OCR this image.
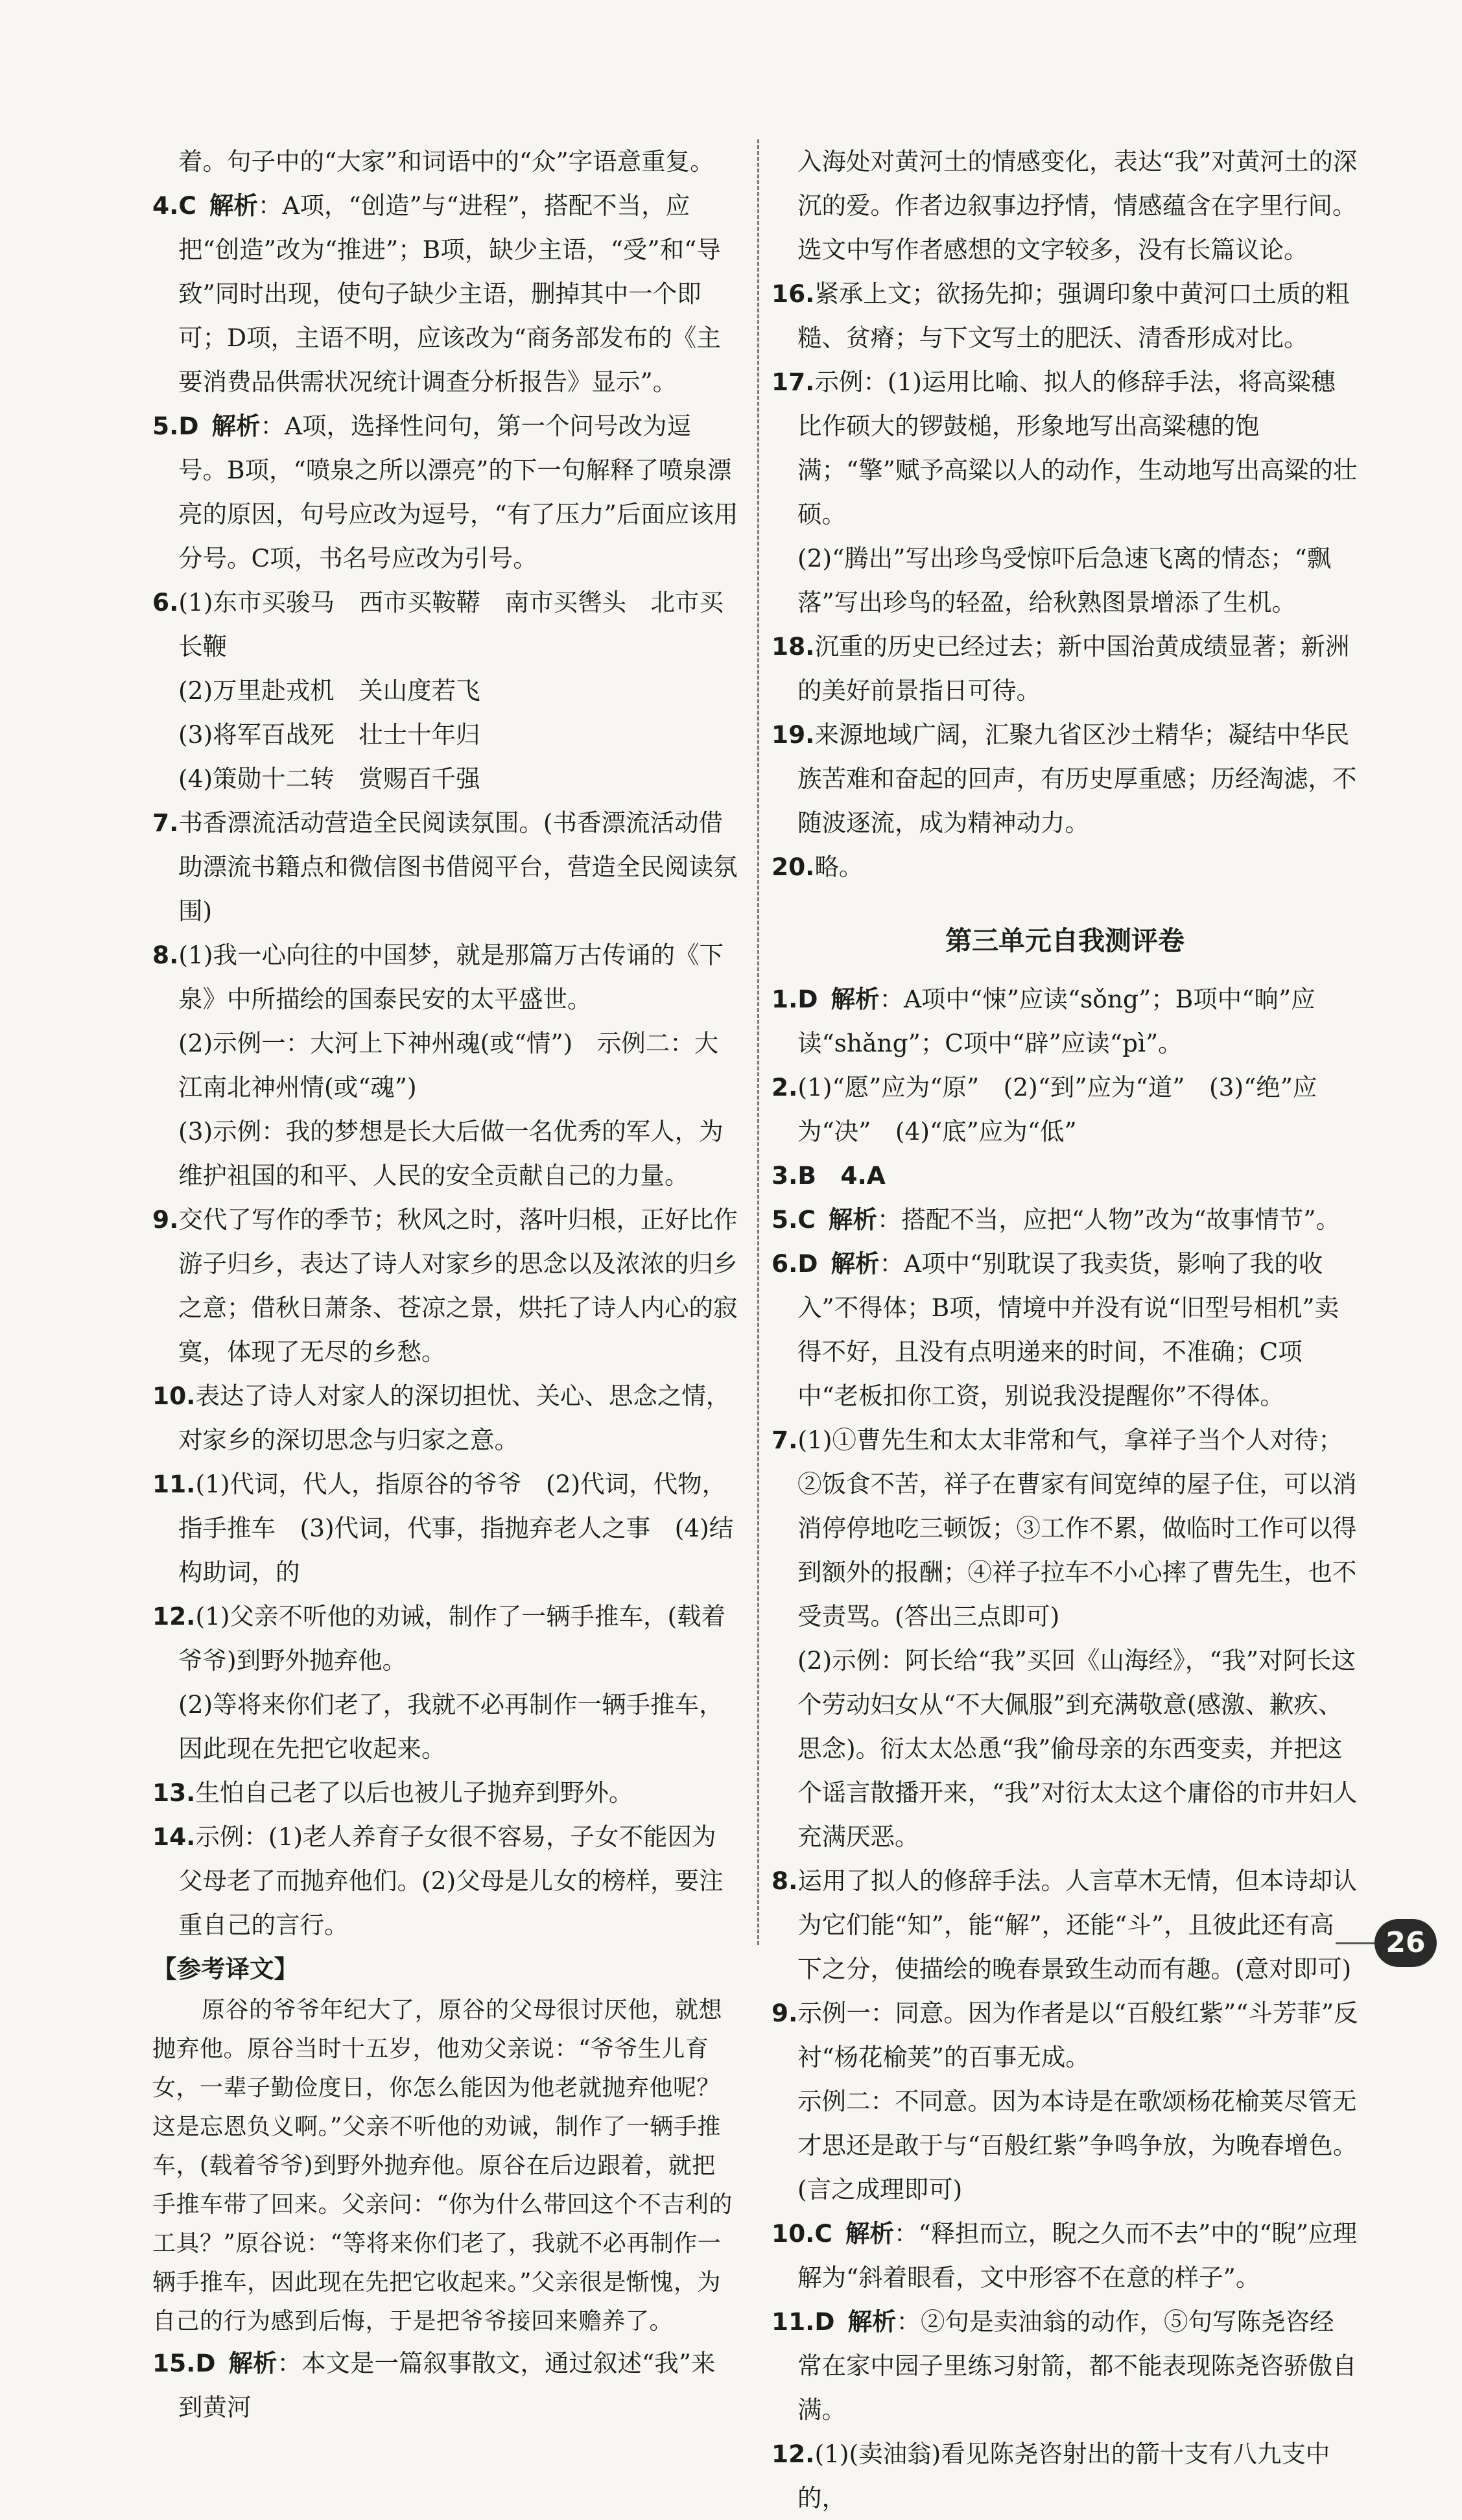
着。句子中的“大家”和词语中的“众”字语意重复。

4.C 解析：A项，“创造”与“进程”，搭配不当，应把“创造”改为“推进”；B项，缺少主语，“受”和“导致”同时出现，使句子缺少主语，删掉其中一个即可；D项，主语不明，应该改为“商务部发布的《主要消费品供需状况统计调查分析报告》显示”。

5.D 解析：A项，选择性问句，第一个问号改为逗号。B项，“喷泉之所以漂亮”的下一句解释了喷泉漂亮的原因，句号应改为逗号，“有了压力”后面应该用分号。C项，书名号应改为引号。

6.(1)东市买骏马　西市买鞍鞯　南市买辔头　北市买长鞭

(2)万里赴戎机　关山度若飞

(3)将军百战死　壮士十年归

(4)策勋十二转　赏赐百千强

7.书香漂流活动营造全民阅读氛围。(书香漂流活动借助漂流书籍点和微信图书借阅平台，营造全民阅读氛围)

8.(1)我一心向往的中国梦，就是那篇万古传诵的《下泉》中所描绘的国泰民安的太平盛世。

(2)示例一：大河上下神州魂(或“情”)　示例二：大江南北神州情(或“魂”)

(3)示例：我的梦想是长大后做一名优秀的军人，为维护祖国的和平、人民的安全贡献自己的力量。

9.交代了写作的季节；秋风之时，落叶归根，正好比作游子归乡，表达了诗人对家乡的思念以及浓浓的归乡之意；借秋日萧条、苍凉之景，烘托了诗人内心的寂寞，体现了无尽的乡愁。

10.表达了诗人对家人的深切担忧、关心、思念之情，对家乡的深切思念与归家之意。

11.(1)代词，代人，指原谷的爷爷　(2)代词，代物，指手推车　(3)代词，代事，指抛弃老人之事　(4)结构助词，的

12.(1)父亲不听他的劝诫，制作了一辆手推车，(载着爷爷)到野外抛弃他。

(2)等将来你们老了，我就不必再制作一辆手推车，因此现在先把它收起来。

13.生怕自己老了以后也被儿子抛弃到野外。

14.示例：(1)老人养育子女很不容易，子女不能因为父母老了而抛弃他们。(2)父母是儿女的榜样，要注重自己的言行。

【参考译文】

原谷的爷爷年纪大了，原谷的父母很讨厌他，就想抛弃他。原谷当时十五岁，他劝父亲说：“爷爷生儿育女，一辈子勤俭度日，你怎么能因为他老就抛弃他呢？这是忘恩负义啊。”父亲不听他的劝诫，制作了一辆手推车，(载着爷爷)到野外抛弃他。原谷在后边跟着，就把手推车带了回来。父亲问：“你为什么带回这个不吉利的工具？”原谷说：“等将来你们老了，我就不必再制作一辆手推车，因此现在先把它收起来。”父亲很是惭愧，为自己的行为感到后悔，于是把爷爷接回来赡养了。

15.D 解析：本文是一篇叙事散文，通过叙述“我”来到黄河

入海处对黄河土的情感变化，表达“我”对黄河土的深沉的爱。作者边叙事边抒情，情感蕴含在字里行间。选文中写作者感想的文字较多，没有长篇议论。

16.紧承上文；欲扬先抑；强调印象中黄河口土质的粗糙、贫瘠；与下文写土的肥沃、清香形成对比。

17.示例：(1)运用比喻、拟人的修辞手法，将高粱穗比作硕大的锣鼓槌，形象地写出高粱穗的饱满；“擎”赋予高粱以人的动作，生动地写出高粱的壮硕。

(2)“腾出”写出珍鸟受惊吓后急速飞离的情态；“飘落”写出珍鸟的轻盈，给秋熟图景增添了生机。

18.沉重的历史已经过去；新中国治黄成绩显著；新洲的美好前景指日可待。

19.来源地域广阔，汇聚九省区沙土精华；凝结中华民族苦难和奋起的回声，有历史厚重感；历经淘滤，不随波逐流，成为精神动力。

20.略。

第三单元自我测评卷

1.D 解析：A项中“悚”应读“sǒng”；B项中“晌”应读“shǎng”；C项中“辟”应读“pì”。

2.(1)“愿”应为“原”　(2)“到”应为“道”　(3)“绝”应为“决”　(4)“底”应为“低”

3.B　 4.A

5.C 解析：搭配不当，应把“人物”改为“故事情节”。

6.D 解析：A项中“别耽误了我卖货，影响了我的收入”不得体；B项，情境中并没有说“旧型号相机”卖得不好，且没有点明递来的时间，不准确；C项中“老板扣你工资，别说我没提醒你”不得体。

7.(1)①曹先生和太太非常和气，拿祥子当个人对待；②饭食不苦，祥子在曹家有间宽绰的屋子住，可以消消停停地吃三顿饭；③工作不累，做临时工作可以得到额外的报酬；④祥子拉车不小心摔了曹先生，也不受责骂。(答出三点即可)

(2)示例：阿长给“我”买回《山海经》，“我”对阿长这个劳动妇女从“不大佩服”到充满敬意(感激、歉疚、思念)。衍太太怂恿“我”偷母亲的东西变卖，并把这个谣言散播开来，“我”对衍太太这个庸俗的市井妇人充满厌恶。

8.运用了拟人的修辞手法。人言草木无情，但本诗却认为它们能“知”，能“解”，还能“斗”，且彼此还有高下之分，使描绘的晚春景致生动而有趣。(意对即可)

9.示例一：同意。因为作者是以“百般红紫”“斗芳菲”反衬“杨花榆荚”的百事无成。

示例二：不同意。因为本诗是在歌颂杨花榆荚尽管无才思还是敢于与“百般红紫”争鸣争放，为晚春增色。(言之成理即可)

10.C 解析：“释担而立，睨之久而不去”中的“睨”应理解为“斜着眼看，文中形容不在意的样子”。

11.D 解析：②句是卖油翁的动作，⑤句写陈尧咨经常在家中园子里练习射箭，都不能表现陈尧咨骄傲自满。

12.(1)(卖油翁)看见陈尧咨射出的箭十支有八九支中的，

26
